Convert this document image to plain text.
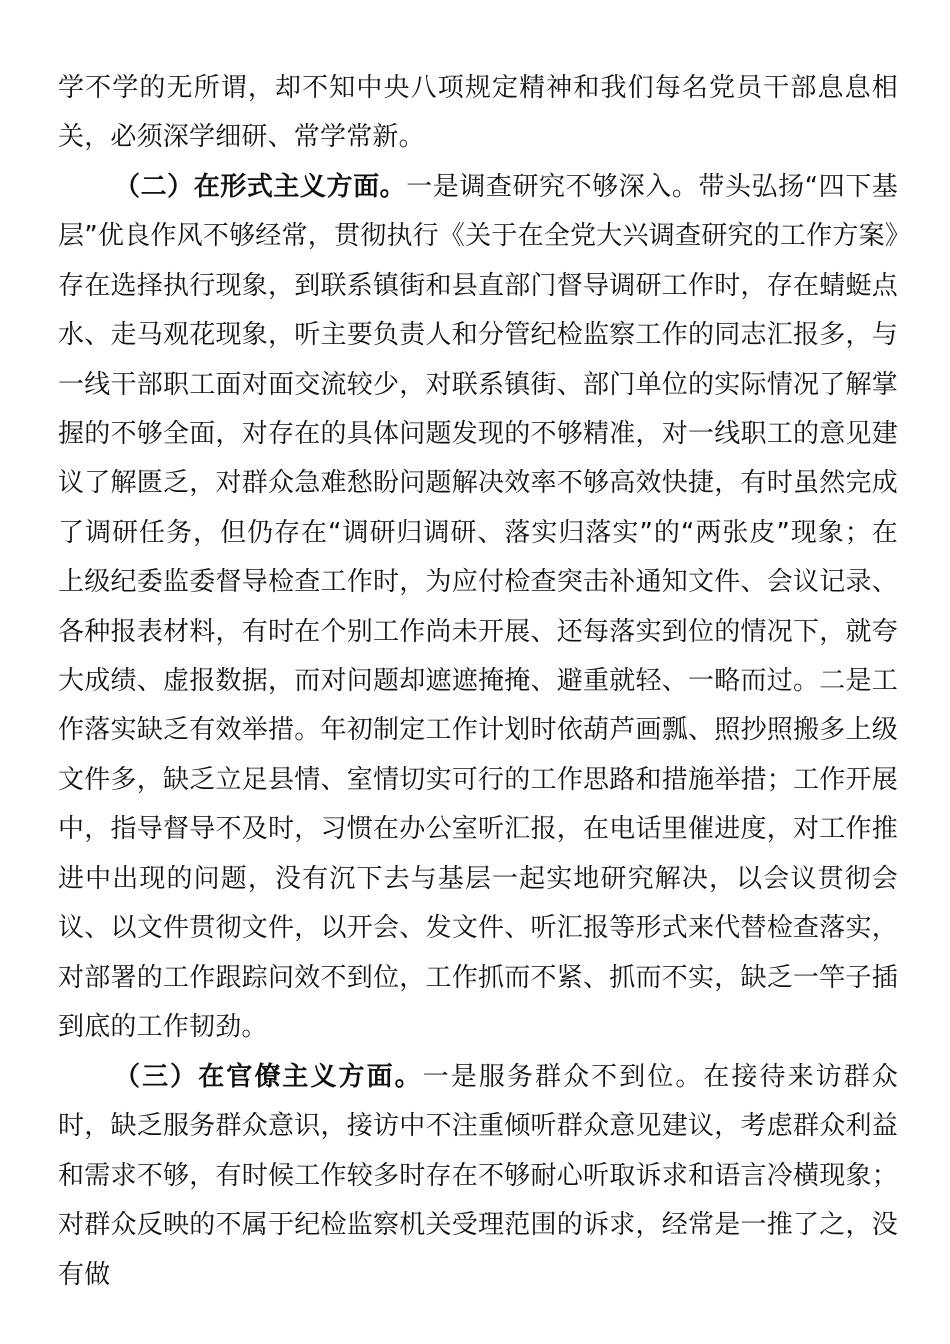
学不学的无所谓，却不知中央八项规定精神和我们每名党员干部息息相关，必须深学细研、常学常新。

（二）在形式主义方面。一是调查研究不够深入。带头弘扬“四下基层”优良作风不够经常，贯彻执行《关于在全党大兴调查研究的工作方案》存在选择执行现象，到联系镇街和县直部门督导调研工作时，存在蜻蜓点水、走马观花现象，听主要负责人和分管纪检监察工作的同志汇报多，与一线干部职工面对面交流较少，对联系镇街、部门单位的实际情况了解掌握的不够全面，对存在的具体问题发现的不够精准，对一线职工的意见建议了解匮乏，对群众急难愁盼问题解决效率不够高效快捷，有时虽然完成了调研任务，但仍存在“调研归调研、落实归落实”的“两张皮”现象；在上级纪委监委督导检查工作时，为应付检查突击补通知文件、会议记录、各种报表材料，有时在个别工作尚未开展、还每落实到位的情况下，就夸大成绩、虚报数据，而对问题却遮遮掩掩、避重就轻、一略而过。二是工作落实缺乏有效举措。年初制定工作计划时依葫芦画瓢、照抄照搬多上级文件多，缺乏立足县情、室情切实可行的工作思路和措施举措；工作开展中，指导督导不及时，习惯在办公室听汇报，在电话里催进度，对工作推进中出现的问题，没有沉下去与基层一起实地研究解决，以会议贯彻会议、以文件贯彻文件，以开会、发文件、听汇报等形式来代替检查落实，对部署的工作跟踪问效不到位，工作抓而不紧、抓而不实，缺乏一竿子插到底的工作韧劲。

（三）在官僚主义方面。一是服务群众不到位。在接待来访群众时，缺乏服务群众意识，接访中不注重倾听群众意见建议，考虑群众利益和需求不够，有时候工作较多时存在不够耐心听取诉求和语言冷横现象；对群众反映的不属于纪检监察机关受理范围的诉求，经常是一推了之，没有做
